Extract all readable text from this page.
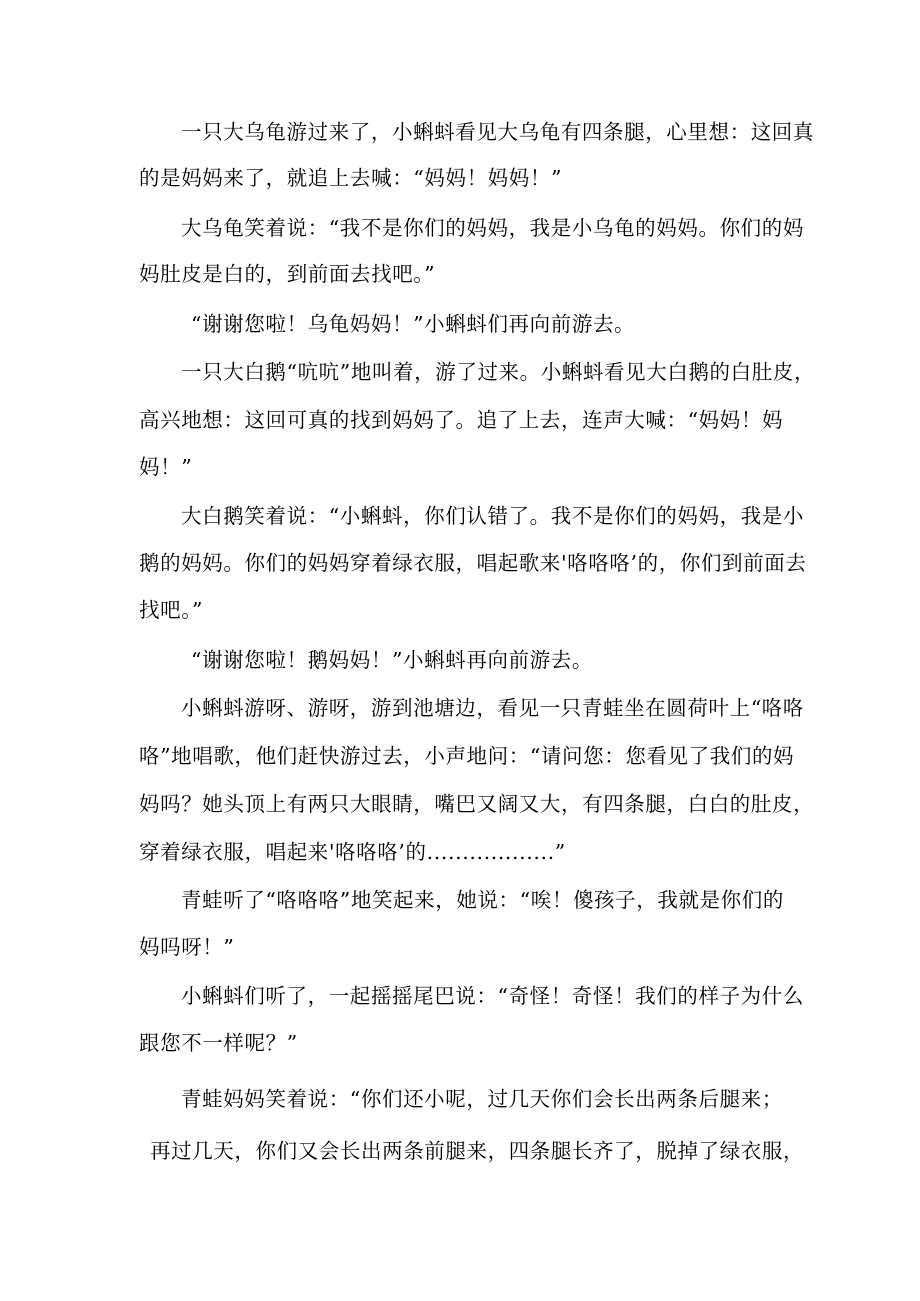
一只大乌龟游过来了，小蝌蚪看见大乌龟有四条腿，心里想：这回真
的是妈妈来了，就追上去喊：“妈妈！妈妈！”
大乌龟笑着说：“我不是你们的妈妈，我是小乌龟的妈妈。你们的妈
妈肚皮是白的，到前面去找吧。”
“谢谢您啦！乌龟妈妈！”小蝌蚪们再向前游去。
一只大白鹅“吭吭”地叫着，游了过来。小蝌蚪看见大白鹅的白肚皮，
高兴地想：这回可真的找到妈妈了。追了上去，连声大喊：“妈妈！妈
妈！”
大白鹅笑着说：“小蝌蚪，你们认错了。我不是你们的妈妈，我是小
鹅的妈妈。你们的妈妈穿着绿衣服，唱起歌来'咯咯咯’的，你们到前面去
找吧。”
“谢谢您啦！鹅妈妈！”小蝌蚪再向前游去。
小蝌蚪游呀、游呀，游到池塘边，看见一只青蛙坐在圆荷叶上“咯咯
咯”地唱歌，他们赶快游过去，小声地问：“请问您：您看见了我们的妈
妈吗？她头顶上有两只大眼睛，嘴巴又阔又大，有四条腿，白白的肚皮，
穿着绿衣服，唱起来'咯咯咯’的..................”
青蛙听了“咯咯咯”地笑起来，她说：“唉！傻孩子，我就是你们的
妈吗呀！”
小蝌蚪们听了，一起摇摇尾巴说：“奇怪！奇怪！我们的样子为什么
跟您不一样呢？”
青蛙妈妈笑着说：“你们还小呢，过几天你们会长出两条后腿来；
再过几天，你们又会长出两条前腿来，四条腿长齐了，脱掉了绿衣服，
